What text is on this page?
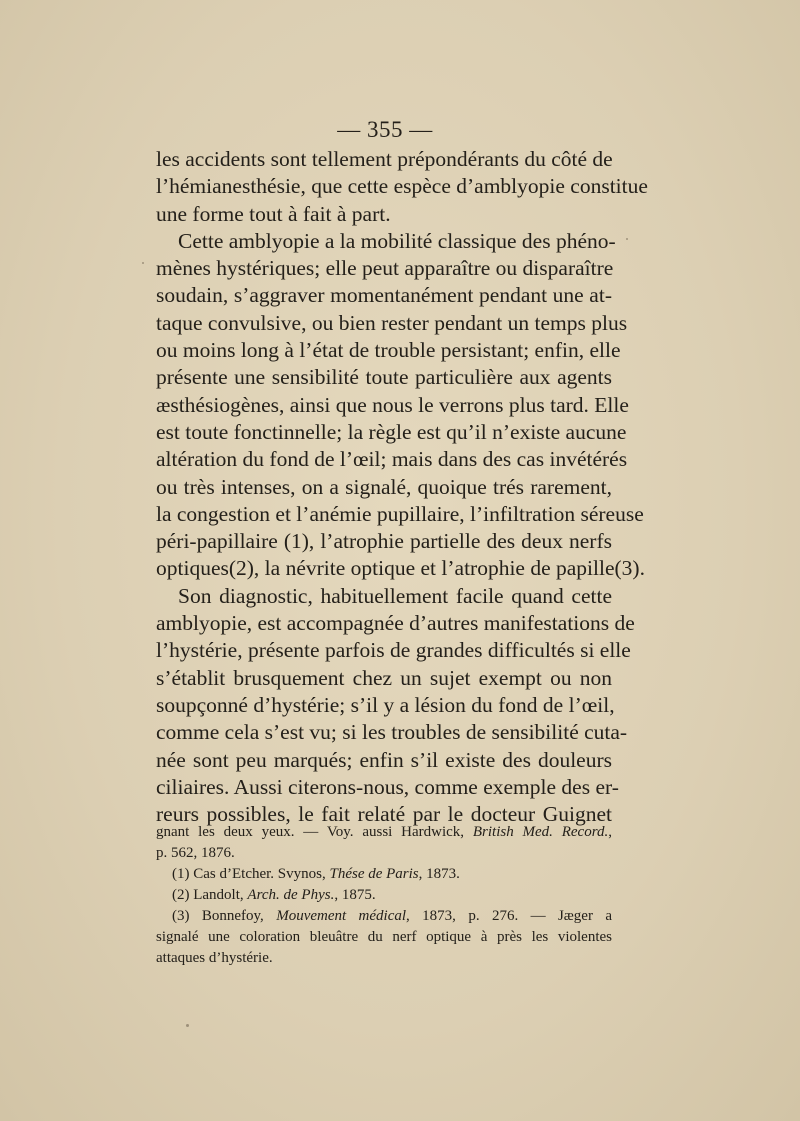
— 355 —
les accidents sont tellement prépondérants du côté de
l’hémianesthésie, que cette espèce d’amblyopie constitue
une forme tout à fait à part.
Cette amblyopie a la mobilité classique des phéno-
mènes hystériques; elle peut apparaître ou disparaître
soudain, s’aggraver momentanément pendant une at-
taque convulsive, ou bien rester pendant un temps plus
ou moins long à l’état de trouble persistant; enfin, elle
présente une sensibilité toute particulière aux agents
æsthésiogènes, ainsi que nous le verrons plus tard. Elle
est toute fonctinnelle; la règle est qu’il n’existe aucune
altération du fond de l’œil; mais dans des cas invétérés
ou très intenses, on a signalé, quoique trés rarement,
la congestion et l’anémie pupillaire, l’infiltration séreuse
péri-papillaire (1), l’atrophie partielle des deux nerfs
optiques(2), la névrite optique et l’atrophie de papille(3).
Son diagnostic, habituellement facile quand cette
amblyopie, est accompagnée d’autres manifestations de
l’hystérie, présente parfois de grandes difficultés si elle
s’établit brusquement chez un sujet exempt ou non
soupçonné d’hystérie; s’il y a lésion du fond de l’œil,
comme cela s’est vu; si les troubles de sensibilité cuta-
née sont peu marqués; enfin s’il existe des douleurs
ciliaires. Aussi citerons-nous, comme exemple des er-
reurs possibles, le fait relaté par le docteur Guignet
gnant les deux yeux. — Voy. aussi Hardwick, British Med. Record.,
p. 562, 1876.
(1) Cas d’Etcher. Svynos, Thése de Paris, 1873.
(2) Landolt, Arch. de Phys., 1875.
(3) Bonnefoy, Mouvement médical, 1873, p. 276. — Jæger a
signalé une coloration bleuâtre du nerf optique à près les violentes
attaques d’hystérie.
